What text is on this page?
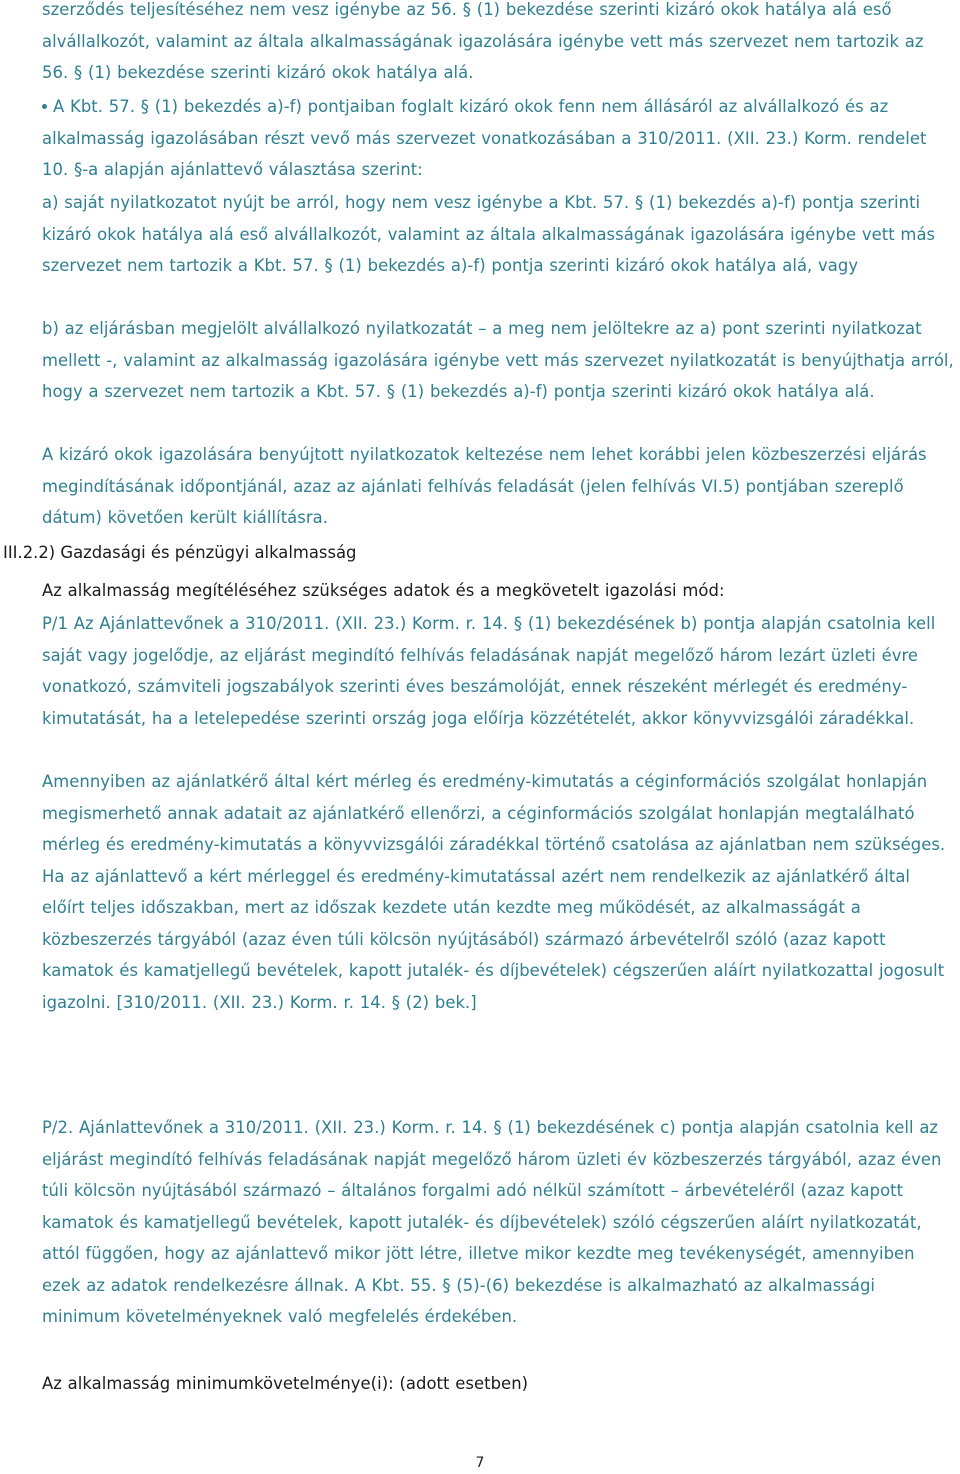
szerződés teljesítéséhez nem vesz igénybe az 56. § (1) bekezdése szerinti kizáró okok hatálya alá eső alvállalkozót, valamint az általa alkalmasságának igazolására igénybe vett más szervezet nem tartozik az 56. § (1) bekezdése szerinti kizáró okok hatálya alá.

A Kbt. 57. § (1) bekezdés a)-f) pontjaiban foglalt kizáró okok fenn nem állásáról az alvállalkozó és az alkalmasság igazolásában részt vevő más szervezet vonatkozásában a 310/2011. (XII. 23.) Korm. rendelet 10. §-a alapján ajánlattevő választása szerint:

a) saját nyilatkozatot nyújt be arról, hogy nem vesz igénybe a Kbt. 57. § (1) bekezdés a)-f) pontja szerinti kizáró okok hatálya alá eső alvállalkozót, valamint az általa alkalmasságának igazolására igénybe vett más szervezet nem tartozik a Kbt. 57. § (1) bekezdés a)-f) pontja szerinti kizáró okok hatálya alá, vagy

b) az eljárásban megjelölt alvállalkozó nyilatkozatát – a meg nem jelöltekre az a) pont szerinti nyilatkozat mellett -, valamint az alkalmasság igazolására igénybe vett más szervezet nyilatkozatát is benyújthatja arról, hogy a szervezet nem tartozik a Kbt. 57. § (1) bekezdés a)-f) pontja szerinti kizáró okok hatálya alá.

A kizáró okok igazolására benyújtott nyilatkozatok keltezése nem lehet korábbi jelen közbeszerzési eljárás megindításának időpontjánál, azaz az ajánlati felhívás feladását (jelen felhívás VI.5) pontjában szereplő dátum) követően került kiállításra.

III.2.2) Gazdasági és pénzügyi alkalmasság

Az alkalmasság megítéléséhez szükséges adatok és a megkövetelt igazolási mód:

P/1 Az Ajánlattevőnek a 310/2011. (XII. 23.) Korm. r. 14. § (1) bekezdésének b) pontja alapján csatolnia kell saját vagy jogelődje, az eljárást megindító felhívás feladásának napját megelőző három lezárt üzleti évre vonatkozó, számviteli jogszabályok szerinti éves beszámolóját, ennek részeként mérlegét és eredmény-kimutatását, ha a letelepedése szerinti ország joga előírja közzétételét, akkor könyvvizsgálói záradékkal.

Amennyiben az ajánlatkérő által kért mérleg és eredmény-kimutatás a céginformációs szolgálat honlapján megismerhető annak adatait az ajánlatkérő ellenőrzi, a céginformációs szolgálat honlapján megtalálható mérleg és eredmény-kimutatás a könyvvizsgálói záradékkal történő csatolása az ajánlatban nem szükséges. Ha az ajánlattevő a kért mérleggel és eredmény-kimutatással azért nem rendelkezik az ajánlatkérő által előírt teljes időszakban, mert az időszak kezdete után kezdte meg működését, az alkalmasságát a közbeszerzés tárgyából (azaz éven túli kölcsön nyújtásából) származó árbevételről szóló (azaz kapott kamatok és kamatjellegű bevételek, kapott jutalék- és díjbevételek) cégszerűen aláírt nyilatkozattal jogosult igazolni. [310/2011. (XII. 23.) Korm. r. 14. § (2) bek.]

P/2. Ajánlattevőnek a 310/2011. (XII. 23.) Korm. r. 14. § (1) bekezdésének c) pontja alapján csatolnia kell az eljárást megindító felhívás feladásának napját megelőző három üzleti év közbeszerzés tárgyából, azaz éven túli kölcsön nyújtásából származó – általános forgalmi adó nélkül számított – árbevételéről (azaz kapott kamatok és kamatjellegű bevételek, kapott jutalék- és díjbevételek) szóló cégszerűen aláírt nyilatkozatát, attól függően, hogy az ajánlattevő mikor jött létre, illetve mikor kezdte meg tevékenységét, amennyiben ezek az adatok rendelkezésre állnak. A Kbt. 55. § (5)-(6) bekezdése is alkalmazható az alkalmassági minimum követelményeknek való megfelelés érdekében.

Az alkalmasság minimumkövetelménye(i): (adott esetben)

7
